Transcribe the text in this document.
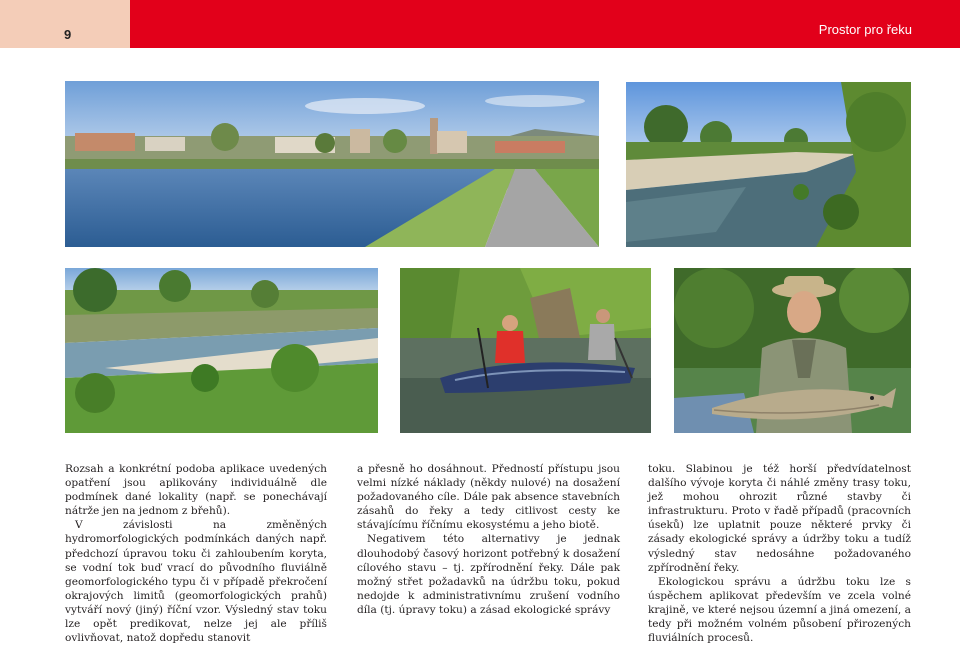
9	Prostor pro řeku

Rozsah a konkrétní podoba aplikace uvedených opatření jsou aplikovány individuálně dle podmínek dané lokality (např. se ponechávají nátrže jen na jednom z břehů).

V závislosti na změněných hydromorfologických podmínkách daných např. předchozí úpravou toku či zahloubením koryta, se vodní tok buď vrací do původního fluviálně geomorfologického typu či v případě překročení okrajových limitů (geomorfologických prahů) vytváří nový (jiný) říční vzor. Výsledný stav toku lze opět predikovat, nelze jej ale příliš ovlivňovat, natož dopředu stanovit

a přesně ho dosáhnout. Předností přístupu jsou velmi nízké náklady (někdy nulové) na dosažení požadovaného cíle. Dále pak absence stavebních zásahů do řeky a tedy citlivost cesty ke stávajícímu říčnímu ekosystému a jeho biotě.

Negativem této alternativy je jednak dlouhodobý časový horizont potřebný k dosažení cílového stavu – tj. zpřírodnění řeky. Dále pak možný střet požadavků na údržbu toku, pokud nedojde k administrativnímu zrušení vodního díla (tj. úpravy toku) a zásad ekologické správy

toku. Slabinou je též horší předvídatelnost dalšího vývoje koryta či náhlé změny trasy toku, jež mohou ohrozit různé stavby či infrastrukturu. Proto v řadě případů (pracovních úseků) lze uplatnit pouze některé prvky či zásady ekologické správy a údržby toku a tudíž výsledný stav nedosáhne požadovaného zpřírodnění řeky.

Ekologickou správu a údržbu toku lze s úspěchem aplikovat především ve zcela volné krajině, ve které nejsou územní a jiná omezení, a tedy při možném volném působení přirozených fluviálních procesů.
